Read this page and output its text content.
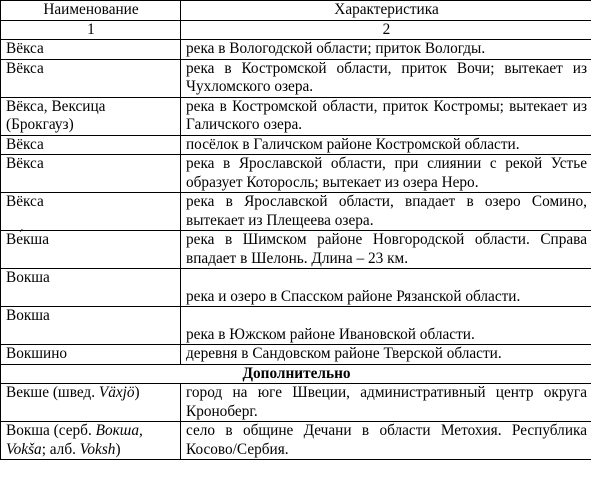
Наименование	Характеристика
1	2
Вёкса	река в Вологодской области; приток Вологды.
Вёкса	река в Костромской области, приток Вочи; вытекает из Чухломского озера.
Вёкса, Вексица (Брокгауз)	река в Костромской области, приток Костромы; вытекает из Галичского озера.
Вёкса	посёлок в Галичском районе Костромской области.
Вёкса	река в Ярославской области, при слиянии с рекой Устье образует Которосль; вытекает из озера Неро.
Вёкса	река в Ярославской области, впадает в озеро Сомино, вытекает из Плещеева озера.
Ве́кша	река в Шимском районе Новгородской области. Справа впадает в Шелонь. Длина – 23 км.
Вокша	река и озеро в Спасском районе Рязанской области.
Вокша	река в Южском районе Ивановской области.
Вокшино	деревня в Сандовском районе Тверской области.
Дополнительно	
Векше (швед. Växjö)	город на юге Швеции, административный центр округа Кроноберг.
Вокша (серб. Вокша, Vokša; алб. Voksh)	село в общине Дечани в области Метохия. Республика Косово/Сербия.
